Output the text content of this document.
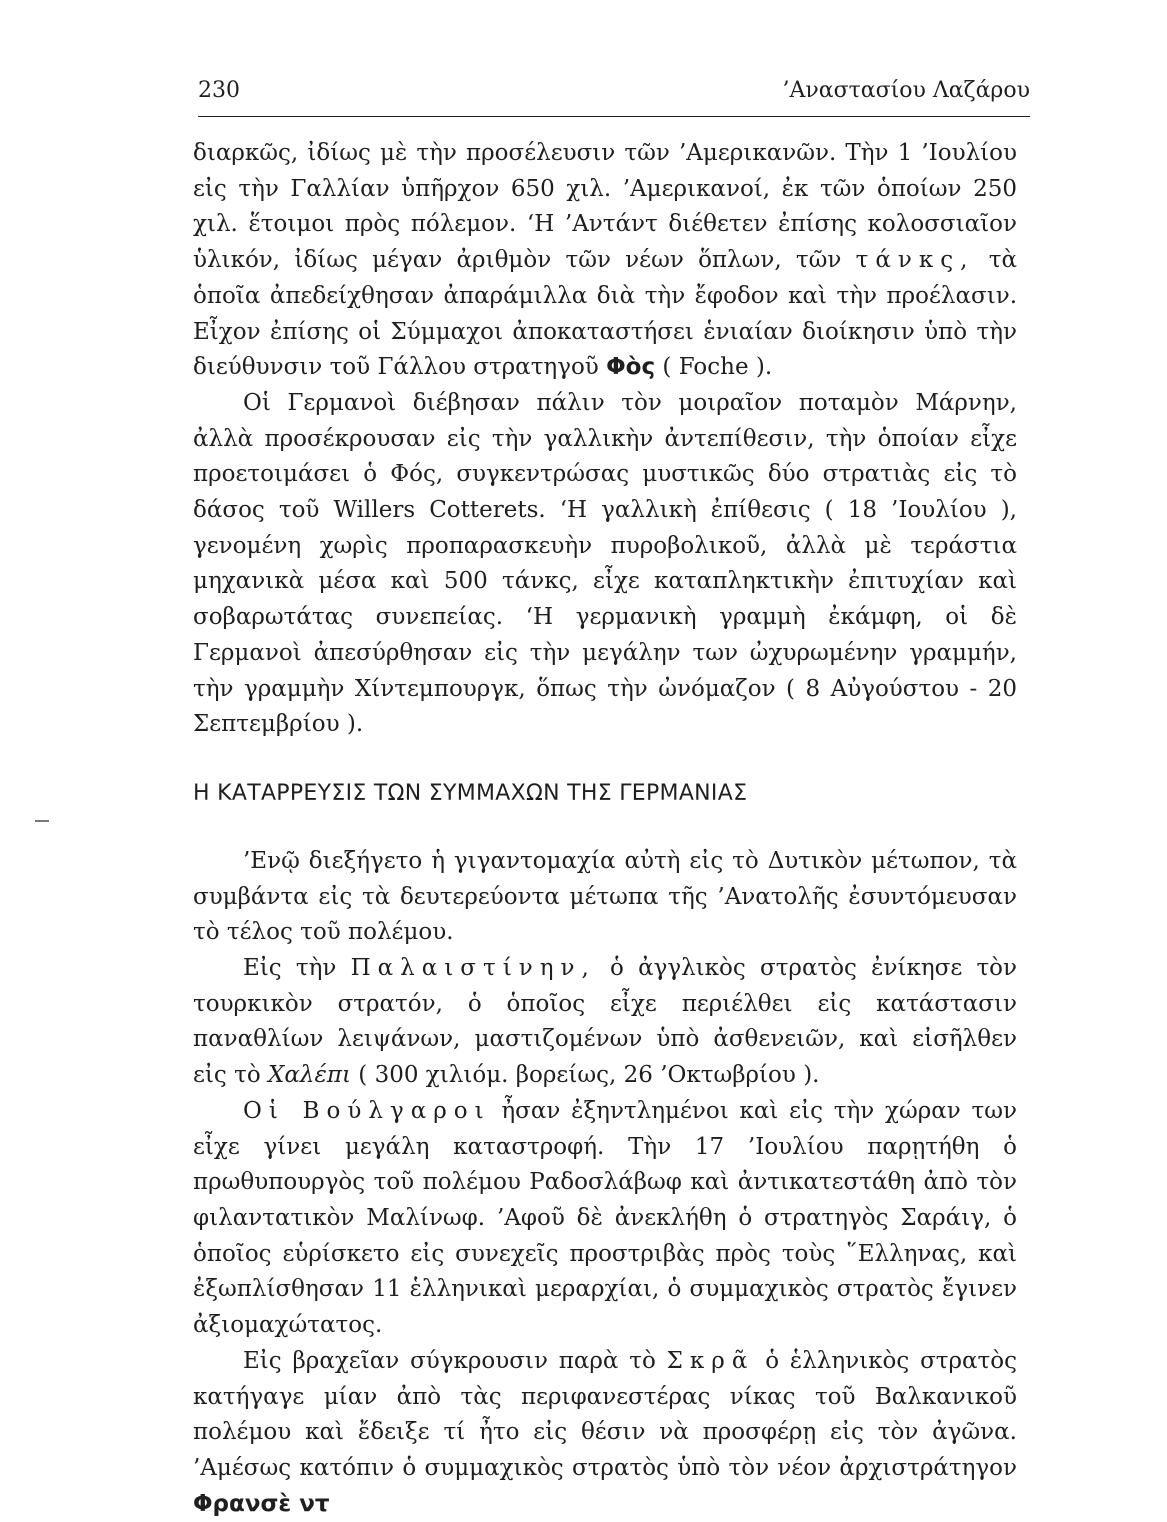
230	’Αναστασίου Λαζάρου

διαρκῶς, ἰδίως μὲ τὴν προσέλευσιν τῶν ’Αμερικανῶν. Τὴν 1 ’Ιουλίου εἰς τὴν Γαλλίαν ὑπῆρχον 650 χιλ. ’Αμερικανοί, ἐκ τῶν ὁποίων 250 χιλ. ἕτοιμοι πρὸς πόλεμον. ‘Η ’Αντάντ διέθετεν ἐπίσης κολοσσιαῖον ὑλικόν, ἰδίως μέγαν ἀριθμὸν τῶν νέων ὅπλων, τῶν τάνκς, τὰ ὁποῖα ἀπεδείχθησαν ἀπαράμιλλα διὰ τὴν ἔφοδον καὶ τὴν προέλασιν. Εἶχον ἐπίσης οἱ Σύμμαχοι ἀποκαταστήσει ἑνιαίαν διοίκησιν ὑπὸ τὴν διεύθυνσιν τοῦ Γάλλου στρατηγοῦ Φὸς ( Foche ).

Οἱ Γερμανοὶ διέβησαν πάλιν τὸν μοιραῖον ποταμὸν Μάρνην, ἀλλὰ προσέκρουσαν εἰς τὴν γαλλικὴν ἀντεπίθεσιν, τὴν ὁποίαν εἶχε προετοιμάσει ὁ Φός, συγκεντρώσας μυστικῶς δύο στρατιὰς εἰς τὸ δάσος τοῦ Willers Cotterets. ‘Η γαλλικὴ ἐπίθεσις ( 18 ’Ιουλίου ), γενομένη χωρὶς προπαρασκευὴν πυροβολικοῦ, ἀλλὰ μὲ τεράστια μηχανικὰ μέσα καὶ 500 τάνκς, εἶχε καταπληκτικὴν ἐπιτυχίαν καὶ σοβαρωτάτας συνεπείας. ‘Η γερμανικὴ γραμμὴ ἐκάμφη, οἱ δὲ Γερμανοὶ ἀπεσύρθησαν εἰς τὴν μεγάλην των ὠχυρωμένην γραμμήν, τὴν γραμμὴν Χίντεμπουργκ, ὅπως τὴν ὠνόμαζον ( 8 Αὐγούστου - 20 Σεπτεμβρίου ).

Η ΚΑΤΑΡΡΕΥΣΙΣ ΤΩΝ ΣΥΜΜΑΧΩΝ ΤΗΣ ΓΕΡΜΑΝΙΑΣ

’Ενῷ διεξήγετο ἡ γιγαντομαχία αὐτὴ εἰς τὸ Δυτικὸν μέτωπον, τὰ συμβάντα εἰς τὰ δευτερεύοντα μέτωπα τῆς ’Ανατολῆς ἐσυντόμευσαν τὸ τέλος τοῦ πολέμου.

Εἰς τὴν Παλαιστίνην, ὁ ἀγγλικὸς στρατὸς ἐνίκησε τὸν τουρκικὸν στρατόν, ὁ ὁποῖος εἶχε περιέλθει εἰς κατάστασιν παναθλίων λειψάνων, μαστιζομένων ὑπὸ ἀσθενειῶν, καὶ εἰσῆλθεν εἰς τὸ Χαλέπι ( 300 χιλιόμ. βορείως, 26 ’Οκτωβρίου ).

Οἱ Βούλγαροι ἦσαν ἐξηντλημένοι καὶ εἰς τὴν χώραν των εἶχε γίνει μεγάλη καταστροφή. Τὴν 17 ’Ιουλίου παρῃτήθη ὁ πρωθυπουργὸς τοῦ πολέμου Ραδοσλάβωφ καὶ ἀντικατεστάθη ἀπὸ τὸν φιλαντατικὸν Μαλίνωφ. ’Αφοῦ δὲ ἀνεκλήθη ὁ στρατηγὸς Σαράιγ, ὁ ὁποῖος εὑρίσκετο εἰς συνεχεῖς προστριβὰς πρὸς τοὺς ῞Ελληνας, καὶ ἐξωπλίσθησαν 11 ἑλληνικαὶ μεραρχίαι, ὁ συμμαχικὸς στρατὸς ἔγινεν ἀξιομαχώτατος.

Εἰς βραχεῖαν σύγκρουσιν παρὰ τὸ Σκρᾶ ὁ ἑλληνικὸς στρατὸς κατήγαγε μίαν ἀπὸ τὰς περιφανεστέρας νίκας τοῦ Βαλκανικοῦ πολέμου καὶ ἔδειξε τί ἦτο εἰς θέσιν νὰ προσφέρῃ εἰς τὸν ἀγῶνα. ’Αμέσως κατόπιν ὁ συμμαχικὸς στρατὸς ὑπὸ τὸν νέον ἀρχιστράτηγον Φρανσὲ ντ
